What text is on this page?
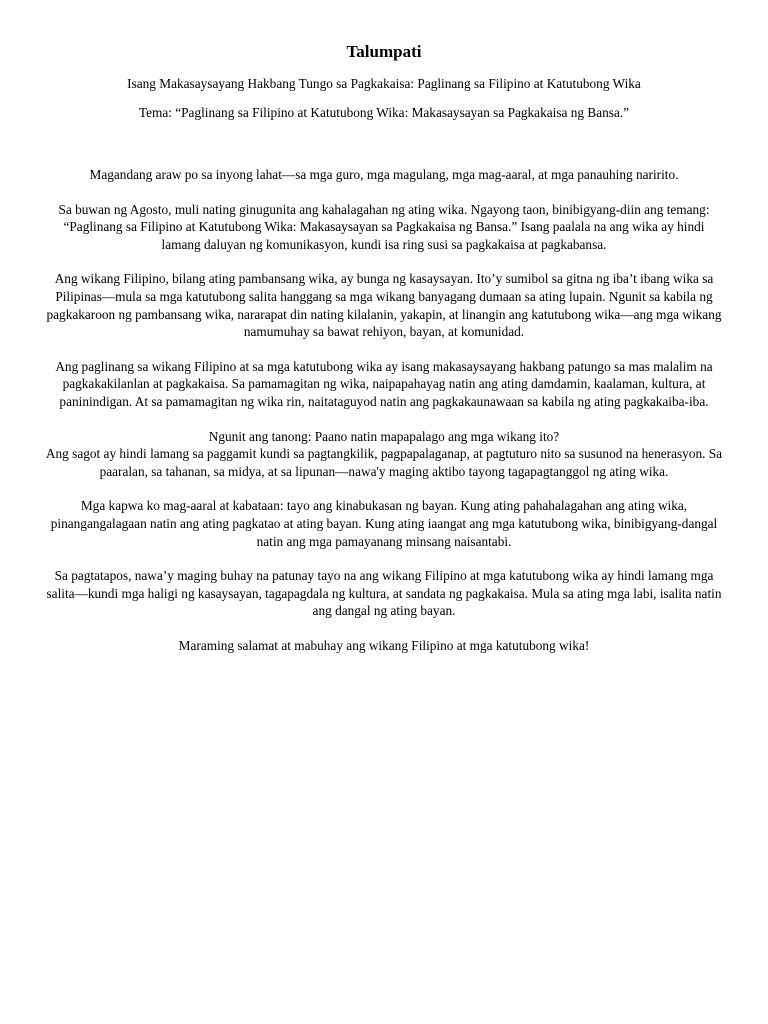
Talumpati

Isang Makasaysayang Hakbang Tungo sa Pagkakaisa: Paglinang sa Filipino at Katutubong Wika

Tema: “Paglinang sa Filipino at Katutubong Wika: Makasaysayan sa Pagkakaisa ng Bansa.”

Magandang araw po sa inyong lahat—sa mga guro, mga magulang, mga mag-aaral, at mga panauhing naririto.

Sa buwan ng Agosto, muli nating ginugunita ang kahalagahan ng ating wika. Ngayong taon, binibigyang-diin ang temang: “Paglinang sa Filipino at Katutubong Wika: Makasaysayan sa Pagkakaisa ng Bansa.” Isang paalala na ang wika ay hindi lamang daluyan ng komunikasyon, kundi isa ring susi sa pagkakaisa at pagkabansa.

Ang wikang Filipino, bilang ating pambansang wika, ay bunga ng kasaysayan. Ito’y sumibol sa gitna ng iba’t ibang wika sa Pilipinas—mula sa mga katutubong salita hanggang sa mga wikang banyagang dumaan sa ating lupain. Ngunit sa kabila ng pagkakaroon ng pambansang wika, nararapat din nating kilalanin, yakapin, at linangin ang katutubong wika—ang mga wikang namumuhay sa bawat rehiyon, bayan, at komunidad.

Ang paglinang sa wikang Filipino at sa mga katutubong wika ay isang makasaysayang hakbang patungo sa mas malalim na pagkakakilanlan at pagkakaisa. Sa pamamagitan ng wika, naipapahayag natin ang ating damdamin, kaalaman, kultura, at paninindigan. At sa pamamagitan ng wika rin, naitataguyod natin ang pagkakaunawaan sa kabila ng ating pagkakaiba-iba.

Ngunit ang tanong: Paano natin mapapalago ang mga wikang ito?
Ang sagot ay hindi lamang sa paggamit kundi sa pagtangkilik, pagpapalaganap, at pagtuturo nito sa susunod na henerasyon. Sa paaralan, sa tahanan, sa midya, at sa lipunan—nawa'y maging aktibo tayong tagapagtanggol ng ating wika.

Mga kapwa ko mag-aaral at kabataan: tayo ang kinabukasan ng bayan. Kung ating pahahalagahan ang ating wika, pinangangalagaan natin ang ating pagkatao at ating bayan. Kung ating iaangat ang mga katutubong wika, binibigyang-dangal natin ang mga pamayanang minsang naisantabi.

Sa pagtatapos, nawa’y maging buhay na patunay tayo na ang wikang Filipino at mga katutubong wika ay hindi lamang mga salita—kundi mga haligi ng kasaysayan, tagapagdala ng kultura, at sandata ng pagkakaisa. Mula sa ating mga labi, isalita natin ang dangal ng ating bayan.

Maraming salamat at mabuhay ang wikang Filipino at mga katutubong wika!
